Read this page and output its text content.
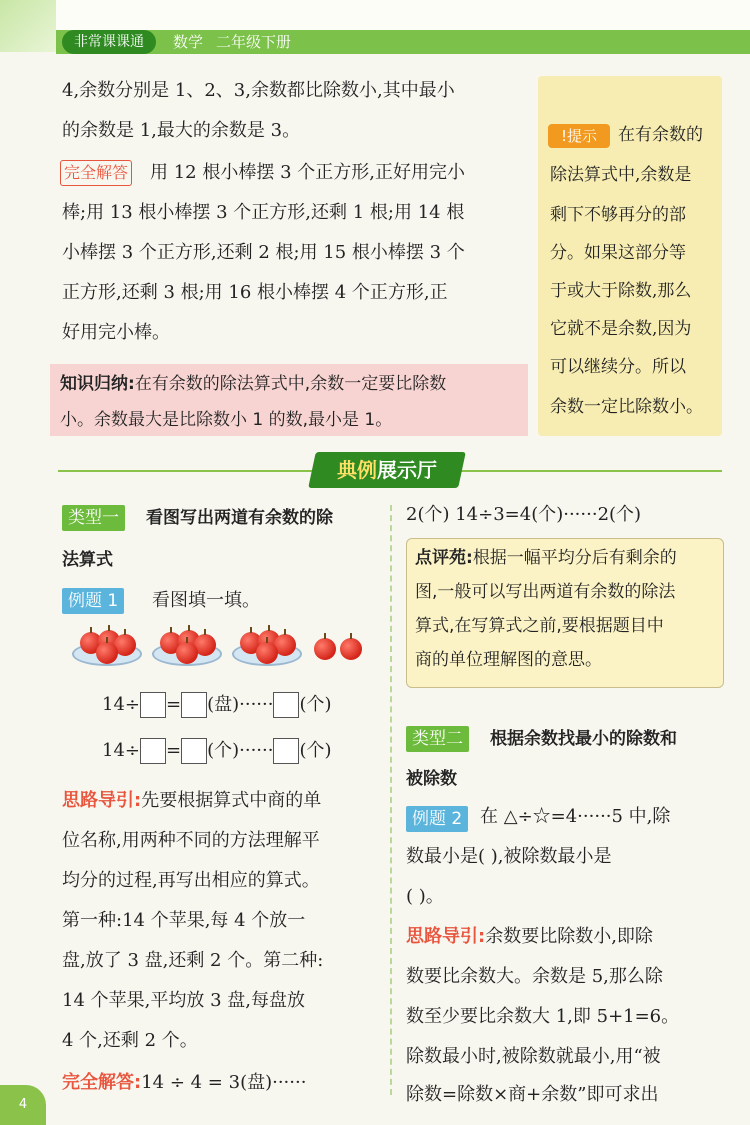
非常课课通	数学 二年级下册
!提示	在有余数的
除法算式中,余数是
剩下不够再分的部
分。如果这部分等
于或大于除数,那么
它就不是余数,因为
可以继续分。所以
余数一定比除数小。
4,余数分别是 1、2、3,余数都比除数小,其中最小
的余数是 1,最大的余数是 3。
完全解答 用 12 根小棒摆 3 个正方形,正好用完小
棒;用 13 根小棒摆 3 个正方形,还剩 1 根;用 14 根
小棒摆 3 个正方形,还剩 2 根;用 15 根小棒摆 3 个
正方形,还剩 3 根;用 16 根小棒摆 4 个正方形,正
好用完小棒。
知识归纳:在有余数的除法算式中,余数一定要比除数
小。余数最大是比除数小 1 的数,最小是 1。
典例展示厅
类型一	看图写出两道有余数的除
法算式
例题 1	看图填一填。
14÷ = (盘)······ (个)
14÷ = (个)······ (个)
思路导引:先要根据算式中商的单
位名称,用两种不同的方法理解平
均分的过程,再写出相应的算式。
第一种:14 个苹果,每 4 个放一
盘,放了 3 盘,还剩 2 个。第二种:
14 个苹果,平均放 3 盘,每盘放
4 个,还剩 2 个。
完全解答:14 ÷ 4 = 3(盘)······
2(个) 14÷3=4(个)······2(个)
点评苑:根据一幅平均分后有剩余的
图,一般可以写出两道有余数的除法
算式,在写算式之前,要根据题目中
商的单位理解图的意思。
类型二	根据余数找最小的除数和
被除数
例题 2 在 △÷☆=4······5 中,除
数最小是( ),被除数最小是
( )。
思路导引:余数要比除数小,即除
数要比余数大。余数是 5,那么除
数至少要比余数大 1,即 5+1=6。
除数最小时,被除数就最小,用“被
除数=除数×商+余数”即可求出
4
